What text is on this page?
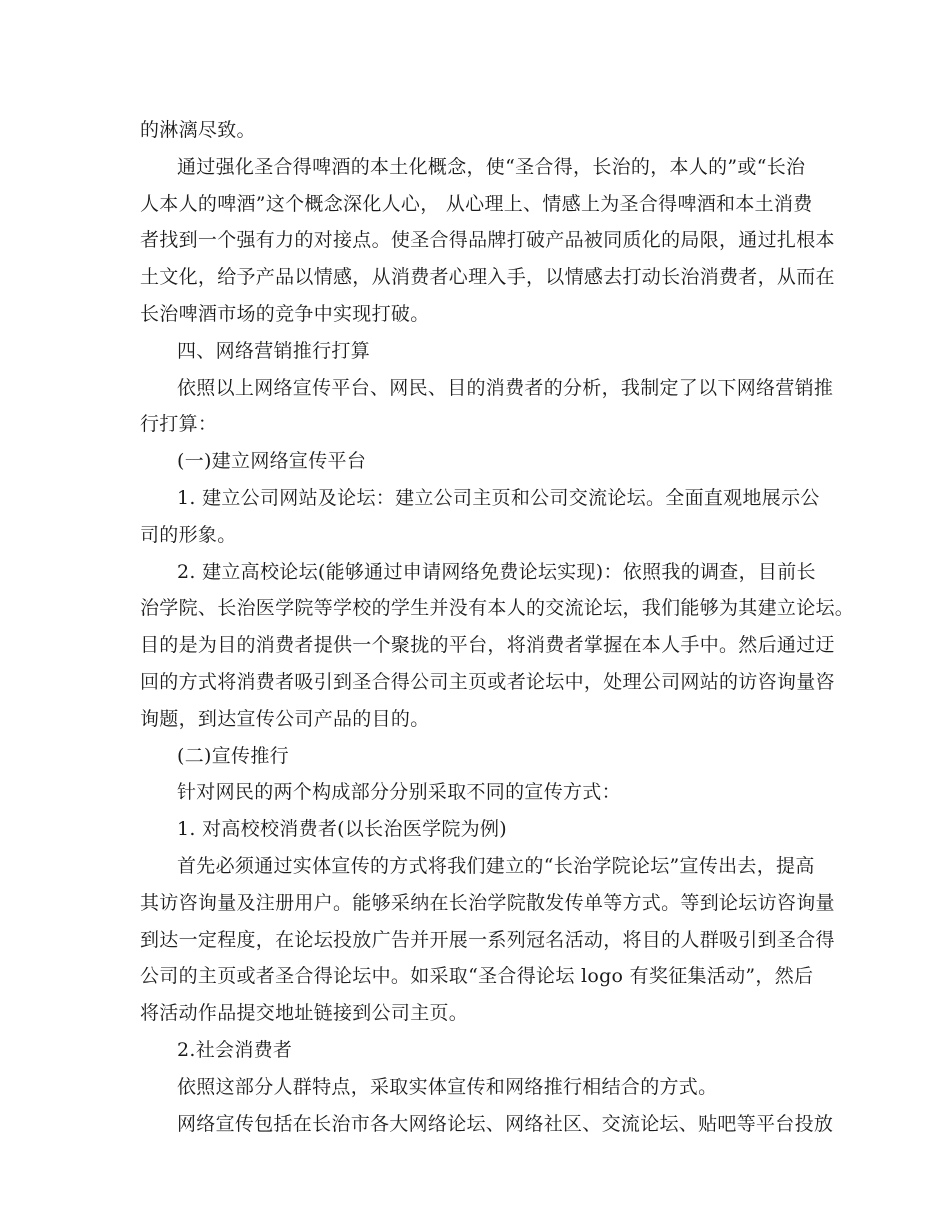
的淋漓尽致。
通过强化圣合得啤酒的本土化概念，使“圣合得，长治的，本人的”或“长治
人本人的啤酒”这个概念深化人心， 从心理上、情感上为圣合得啤酒和本土消费
者找到一个强有力的对接点。使圣合得品牌打破产品被同质化的局限，通过扎根本
土文化，给予产品以情感，从消费者心理入手，以情感去打动长治消费者，从而在
长治啤酒市场的竞争中实现打破。
四、网络营销推行打算
依照以上网络宣传平台、网民、目的消费者的分析，我制定了以下网络营销推
行打算：
(一)建立网络宣传平台
1. 建立公司网站及论坛：建立公司主页和公司交流论坛。全面直观地展示公
司的形象。
2. 建立高校论坛(能够通过申请网络免费论坛实现)：依照我的调查，目前长
治学院、长治医学院等学校的学生并没有本人的交流论坛，我们能够为其建立论坛。
目的是为目的消费者提供一个聚拢的平台，将消费者掌握在本人手中。然后通过迂
回的方式将消费者吸引到圣合得公司主页或者论坛中，处理公司网站的访咨询量咨
询题，到达宣传公司产品的目的。
(二)宣传推行
针对网民的两个构成部分分别采取不同的宣传方式：
1. 对高校校消费者(以长治医学院为例)
首先必须通过实体宣传的方式将我们建立的“长治学院论坛”宣传出去，提高
其访咨询量及注册用户。能够采纳在长治学院散发传单等方式。等到论坛访咨询量
到达一定程度，在论坛投放广告并开展一系列冠名活动，将目的人群吸引到圣合得
公司的主页或者圣合得论坛中。如采取“圣合得论坛 logo 有奖征集活动”，然后
将活动作品提交地址链接到公司主页。
2.社会消费者
依照这部分人群特点，采取实体宣传和网络推行相结合的方式。
网络宣传包括在长治市各大网络论坛、网络社区、交流论坛、贴吧等平台投放
